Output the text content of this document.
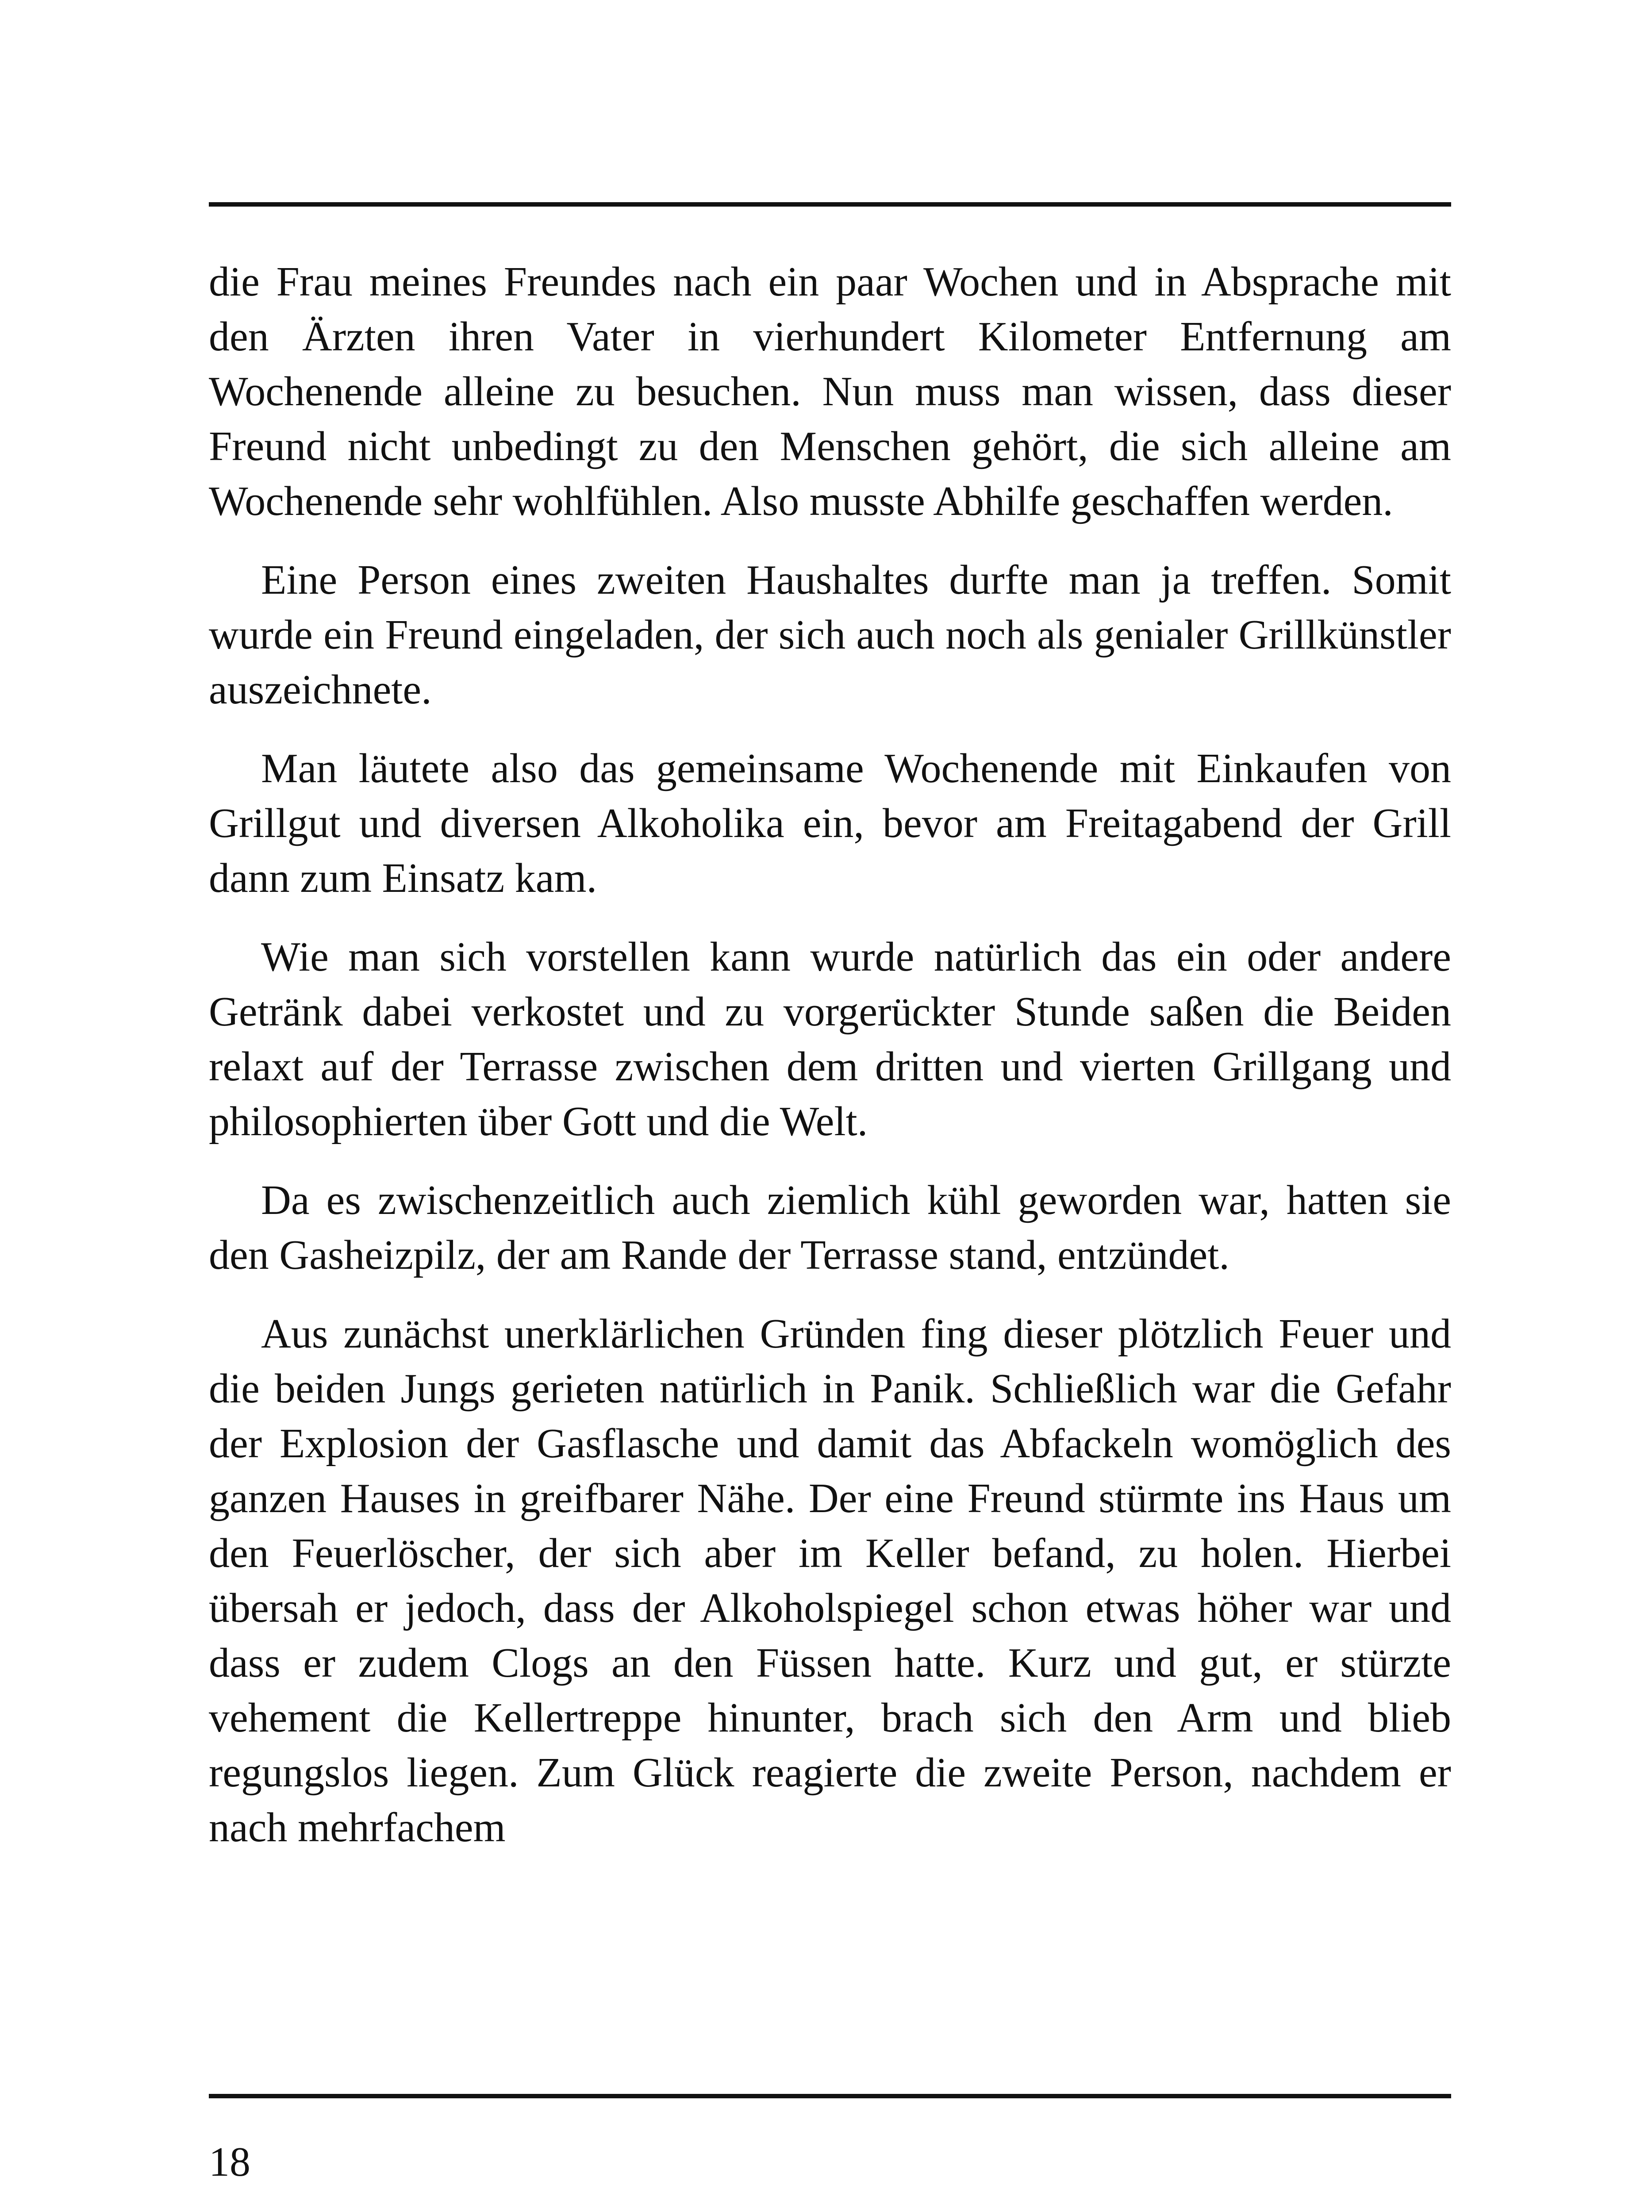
die Frau meines Freundes nach ein paar Wochen und in Absprache mit den Ärzten ihren Vater in vierhundert Kilometer Entfernung am Wochenende alleine zu besuchen. Nun muss man wissen, dass dieser Freund nicht unbedingt zu den Menschen gehört, die sich alleine am Wochenende sehr wohlfühlen. Also musste Abhilfe geschaffen werden.

Eine Person eines zweiten Haushaltes durfte man ja treffen. Somit wurde ein Freund eingeladen, der sich auch noch als genialer Grillkünstler auszeichnete.

Man läutete also das gemeinsame Wochenende mit Einkaufen von Grillgut und diversen Alkoholika ein, bevor am Freitagabend der Grill dann zum Einsatz kam.

Wie man sich vorstellen kann wurde natürlich das ein oder andere Getränk dabei verkostet und zu vorgerückter Stunde saßen die Beiden relaxt auf der Terrasse zwischen dem dritten und vierten Grillgang und philosophierten über Gott und die Welt.

Da es zwischenzeitlich auch ziemlich kühl geworden war, hatten sie den Gasheizpilz, der am Rande der Terrasse stand, entzündet.

Aus zunächst unerklärlichen Gründen fing dieser plötzlich Feuer und die beiden Jungs gerieten natürlich in Panik. Schließlich war die Gefahr der Explosion der Gasflasche und damit das Abfackeln womöglich des ganzen Hauses in greifbarer Nähe. Der eine Freund stürmte ins Haus um den Feuerlöscher, der sich aber im Keller befand, zu holen. Hierbei übersah er jedoch, dass der Alkoholspiegel schon etwas höher war und dass er zudem Clogs an den Füssen hatte. Kurz und gut, er stürzte vehement die Kellertreppe hinunter, brach sich den Arm und blieb regungslos liegen. Zum Glück reagierte die zweite Person, nachdem er nach mehrfachem

18
